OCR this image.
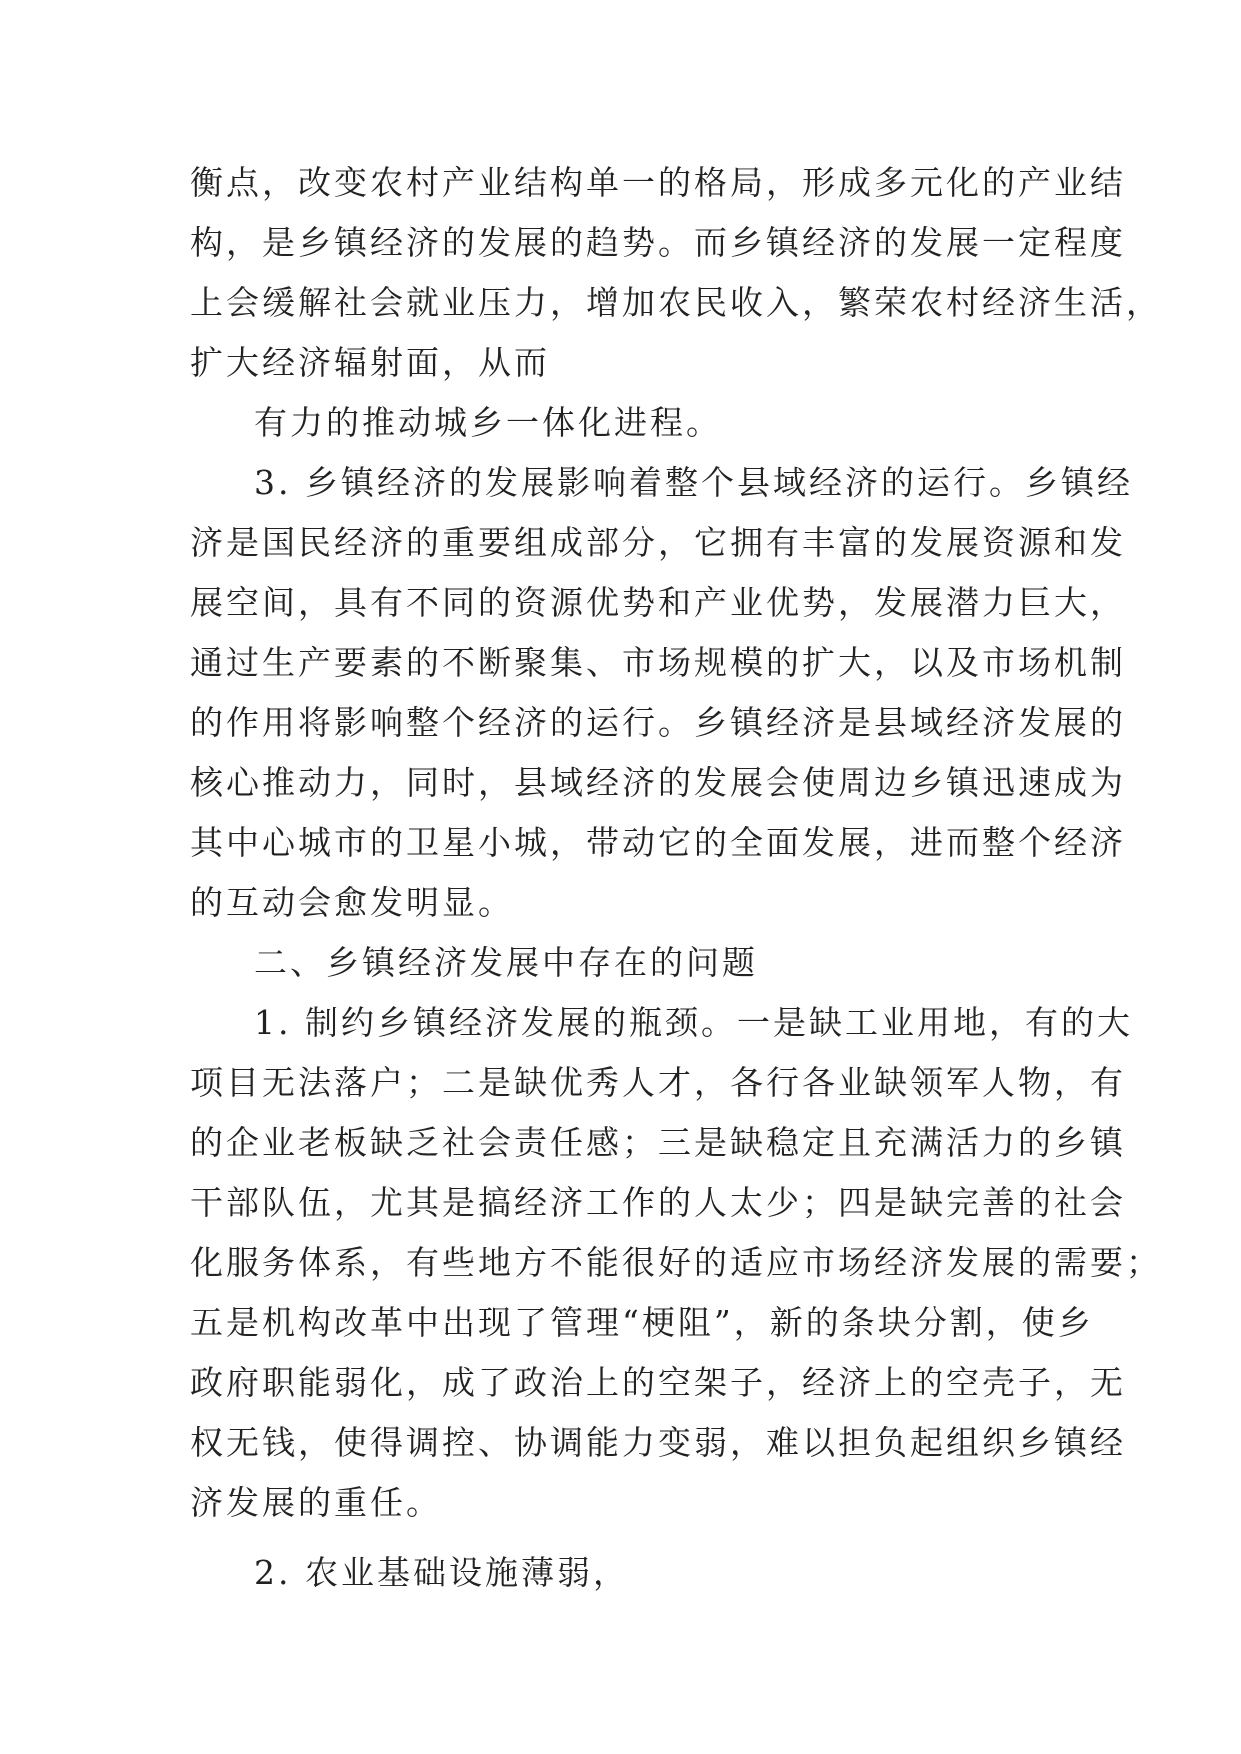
衡点，改变农村产业结构单一的格局，形成多元化的产业结
构，是乡镇经济的发展的趋势。而乡镇经济的发展一定程度
上会缓解社会就业压力，增加农民收入，繁荣农村经济生活，
扩大经济辐射面，从而
有力的推动城乡一体化进程。
3. 乡镇经济的发展影响着整个县域经济的运行。乡镇经
济是国民经济的重要组成部分，它拥有丰富的发展资源和发
展空间，具有不同的资源优势和产业优势，发展潜力巨大，
通过生产要素的不断聚集、市场规模的扩大，以及市场机制
的作用将影响整个经济的运行。乡镇经济是县域经济发展的
核心推动力，同时，县域经济的发展会使周边乡镇迅速成为
其中心城市的卫星小城，带动它的全面发展，进而整个经济
的互动会愈发明显。
二、乡镇经济发展中存在的问题
1. 制约乡镇经济发展的瓶颈。一是缺工业用地，有的大
项目无法落户；二是缺优秀人才，各行各业缺领军人物，有
的企业老板缺乏社会责任感；三是缺稳定且充满活力的乡镇
干部队伍，尤其是搞经济工作的人太少；四是缺完善的社会
化服务体系，有些地方不能很好的适应市场经济发展的需要；
五是机构改革中出现了管理“梗阻”，新的条块分割，使乡
政府职能弱化，成了政治上的空架子，经济上的空壳子，无
权无钱，使得调控、协调能力变弱，难以担负起组织乡镇经
济发展的重任。
2. 农业基础设施薄弱，
